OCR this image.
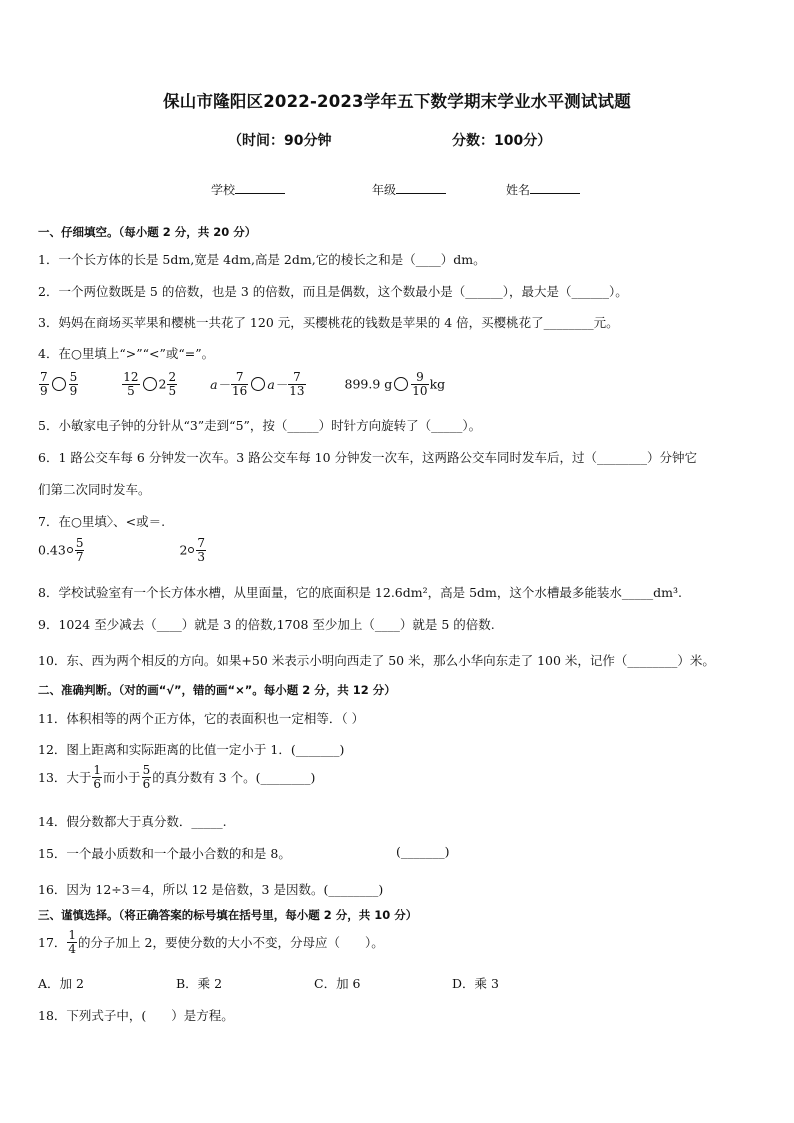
保山市隆阳区2022-2023学年五下数学期末学业水平测试试题
（时间：90分钟	分数：100分）
学校	年级	姓名
一、仔细填空。（每小题 2 分，共 20 分）
1．一个长方体的长是 5dm,宽是 4dm,高是 2dm,它的棱长之和是（____）dm。
2．一个两位数既是 5 的倍数，也是 3 的倍数，而且是偶数，这个数最小是（______），最大是（______）。
3．妈妈在商场买苹果和樱桃一共花了 120 元，买樱桃花的钱数是苹果的 4 倍，买樱桃花了________元。
4．在○里填上“>”“<”或“=”。
$\frac{7}{9} \frac{5}{9}$
	$\frac{12}{5} 2 \frac{2}{5}$	$a- \frac{7}{16} a- \frac{7}{13}$	899.9 g $\frac{9}{10}$ kg
5．小敏家电子钟的分针从“3”走到“5”，按（_____）时针方向旋转了（_____）。
6．1 路公交车每 6 分钟发一次车。3 路公交车每 10 分钟发一次车，这两路公交车同时发车后，过（________）分钟它
们第二次同时发车。
7．在○里填〉、<或＝.
$0.43 \frac{5}{7}$	$2 \frac{7}{3}$
8．学校试验室有一个长方体水槽，从里面量，它的底面积是 12.6dm²，高是 5dm，这个水槽最多能装水_____dm³.
9．1024 至少减去（____）就是 3 的倍数,1708 至少加上（____）就是 5 的倍数.
10．东、西为两个相反的方向。如果+50 米表示小明向西走了 50 米，那么小华向东走了 100 米，记作（________）米。
二、准确判断。（对的画“√”，错的画“×”。每小题 2 分，共 12 分）
11．体积相等的两个正方体，它的表面积也一定相等．（ ）
12．图上距离和实际距离的比值一定小于 1．(_______)
13．大于 $\frac{1}{6}$ 而小于 $\frac{5}{6}$ 的真分数有 3 个。(________)
14．假分数都大于真分数．_____.
15．一个最小质数和一个最小合数的和是 8。	(_______)
16．因为 12÷3＝4，所以 12 是倍数，3 是因数。(________)
三、谨慎选择。（将正确答案的标号填在括号里，每小题 2 分，共 10 分）
17． $\frac{1}{4}$ 的分子加上 2，要使分数的大小不变，分母应（　　）。
A．加 2	B．乘 2	C．加 6	D．乘 3
18．下列式子中，(　　）是方程。
